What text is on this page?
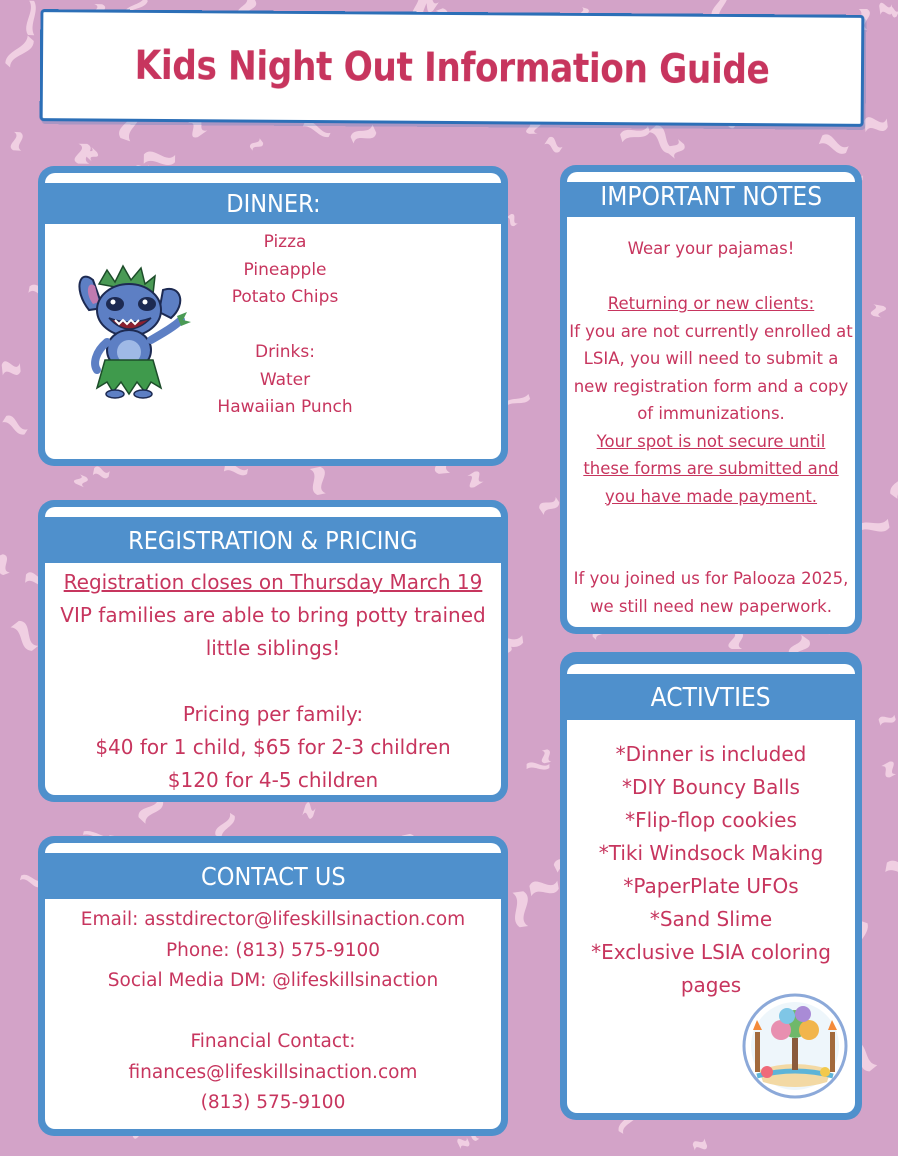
Kids Night Out Information Guide
DINNER:
Pizza
Pineapple
Potato Chips

Drinks:
Water
Hawaiian Punch
IMPORTANT NOTES
Wear your pajamas!

Returning or new clients:
If you are not currently enrolled at LSIA, you will need to submit a new registration form and a copy of immunizations.
Your spot is not secure until these forms are submitted and you have made payment.

If you joined us for Palooza 2025, we still need new paperwork.
REGISTRATION & PRICING
Registration closes on Thursday March 19
VIP families are able to bring potty trained
little siblings!

Pricing per family:
$40 for 1 child, $65 for 2-3 children
$120 for 4-5 children
ACTIVTIES
*Dinner is included
*DIY Bouncy Balls
*Flip-flop cookies
*Tiki Windsock Making
*PaperPlate UFOs
*Sand Slime
*Exclusive LSIA coloring
pages
CONTACT US
Email: asstdirector@lifeskillsinaction.com
Phone: (813) 575-9100
Social Media DM: @lifeskillsinaction

Financial Contact:
finances@lifeskillsinaction.com
(813) 575-9100
